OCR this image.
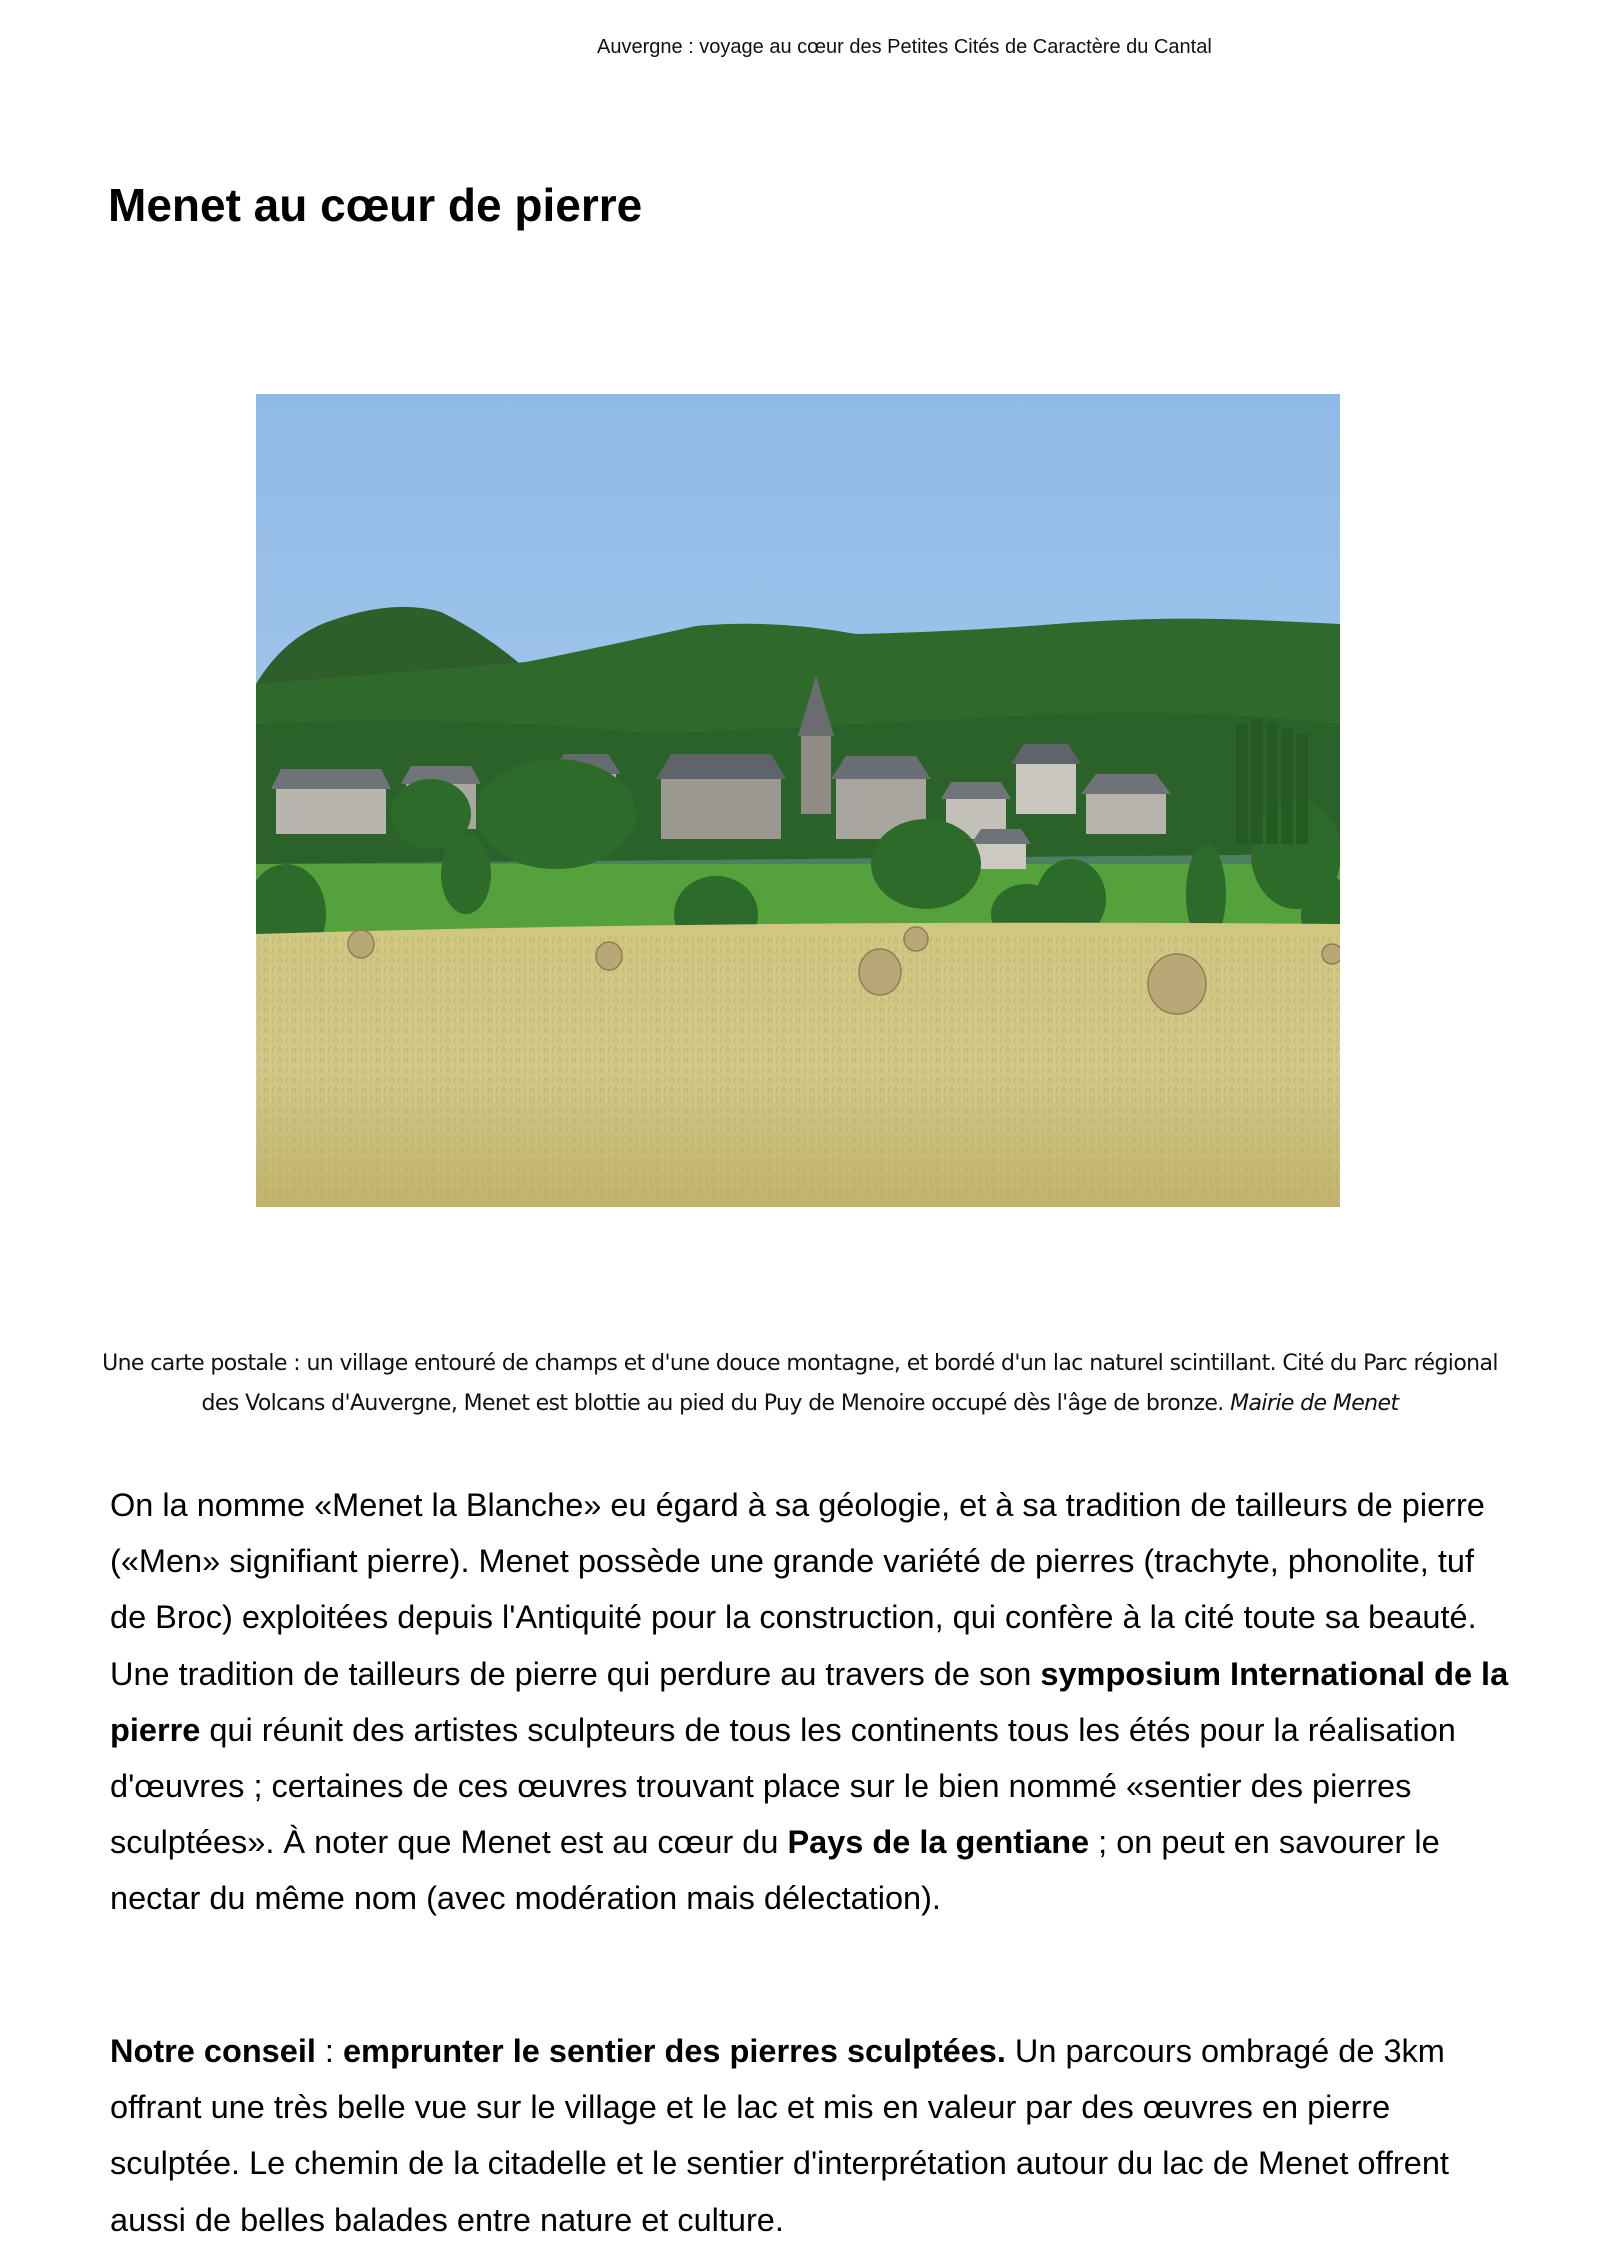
Auvergne : voyage au cœur des Petites Cités de Caractère du Cantal
Menet au cœur de pierre
Une carte postale : un village entouré de champs et d'une douce montagne, et bordé d'un lac naturel scintillant. Cité du Parc régional des Volcans d'Auvergne, Menet est blottie au pied du Puy de Menoire occupé dès l'âge de bronze. Mairie de Menet

On la nomme «Menet la Blanche» eu égard à sa géologie, et à sa tradition de tailleurs de pierre («Men» signifiant pierre). Menet possède une grande variété de pierres (trachyte, phonolite, tuf de Broc) exploitées depuis l'Antiquité pour la construction, qui confère à la cité toute sa beauté. Une tradition de tailleurs de pierre qui perdure au travers de son symposium International de la pierre qui réunit des artistes sculpteurs de tous les continents tous les étés pour la réalisation d'œuvres ; certaines de ces œuvres trouvant place sur le bien nommé «sentier des pierres sculptées». À noter que Menet est au cœur du Pays de la gentiane ; on peut en savourer le nectar du même nom (avec modération mais délectation).

Notre conseil : emprunter le sentier des pierres sculptées. Un parcours ombragé de 3km offrant une très belle vue sur le village et le lac et mis en valeur par des œuvres en pierre sculptée. Le chemin de la citadelle et le sentier d'interprétation autour du lac de Menet offrent aussi de belles balades entre nature et culture.
